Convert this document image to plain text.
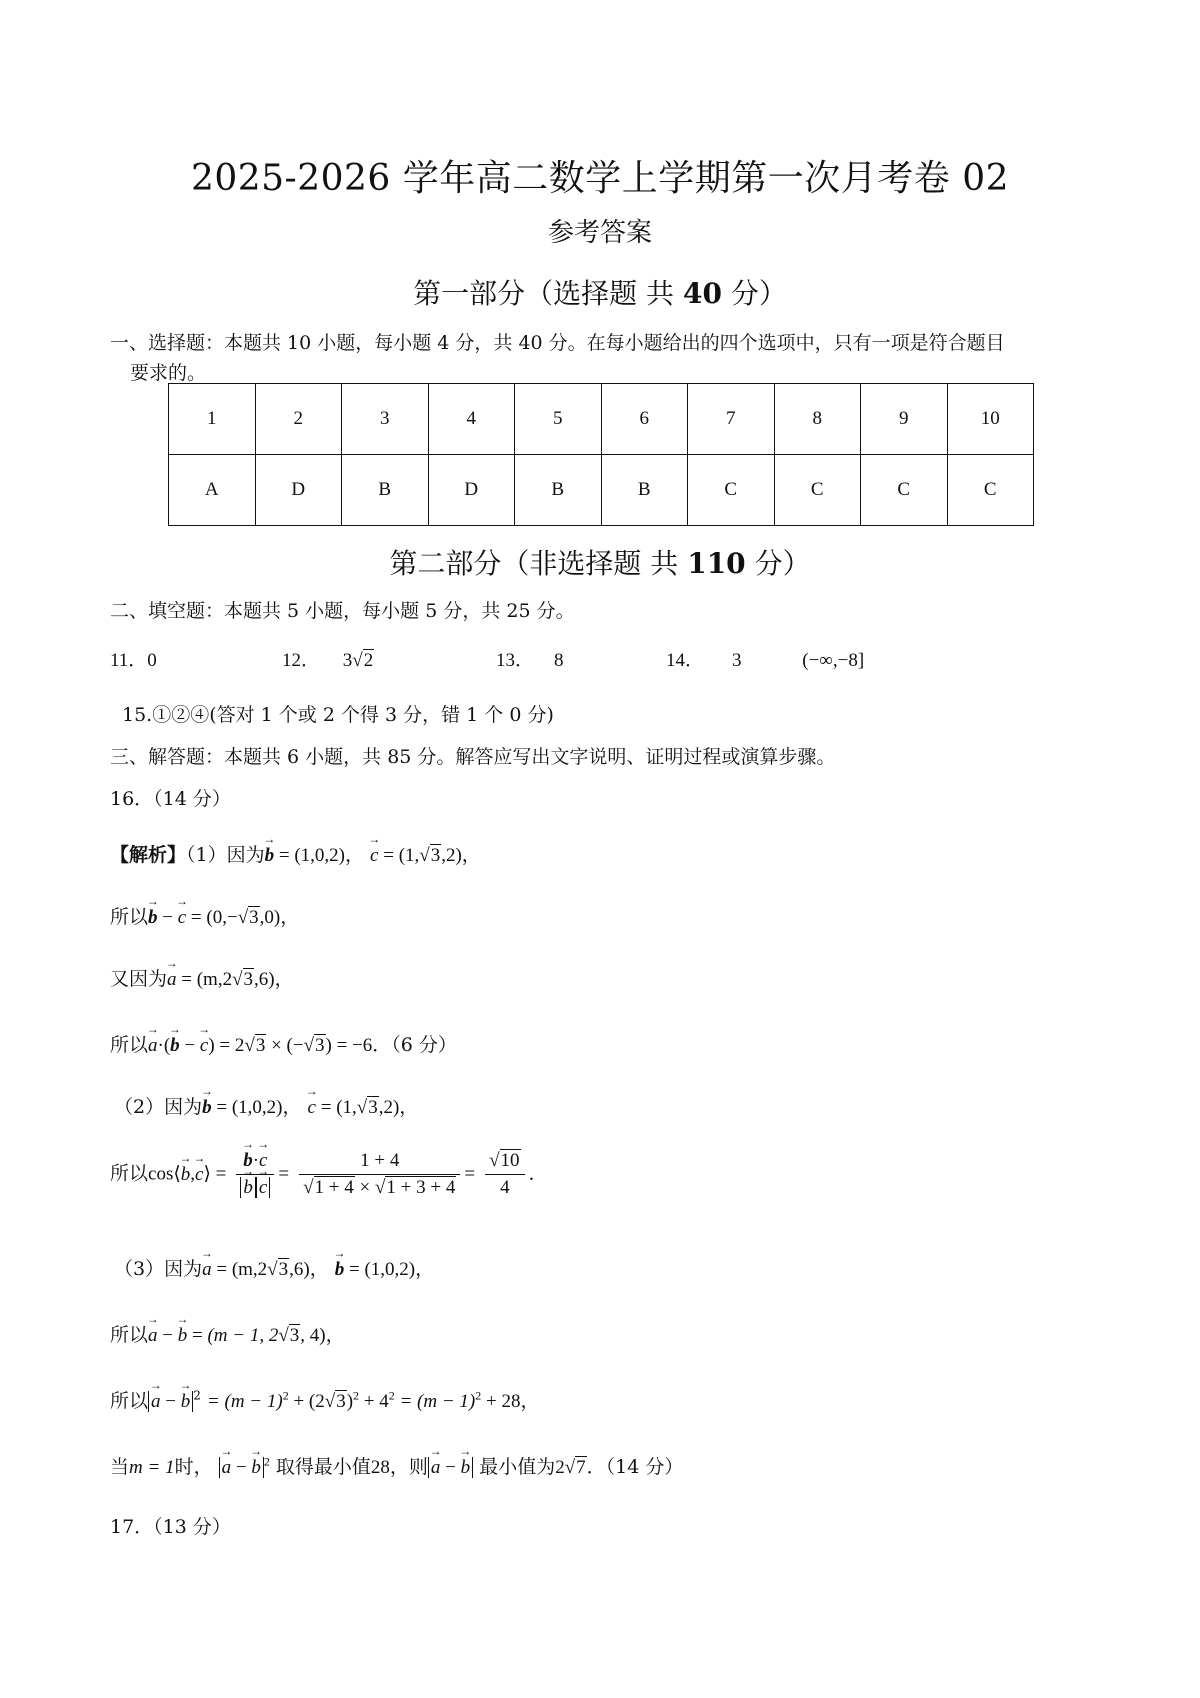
2025-2026 学年高二数学上学期第一次月考卷 02
参考答案
第一部分（选择题 共 40 分）
一、选择题：本题共 10 小题，每小题 4 分，共 40 分。在每小题给出的四个选项中，只有一项是符合题目
要求的。
1	2	3	4	5	6	7	8	9	10
A	D	B	D	B	B	C	C	C	C
第二部分（非选择题 共 110 分）
二、填空题：本题共 5 小题，每小题 5 分，共 25 分。
11．0	12． 3√2	13． 8	14． 3	(−∞,−8]
15.①②④(答对 1 个或 2 个得 3 分，错 1 个 0 分)
三、解答题：本题共 6 小题，共 85 分。解答应写出文字说明、证明过程或演算步骤。
16．（14 分）
【解析】（1）因为→ b = (1,0,2)， → c = (1,√3,2)，
所以→ b − → c = (0,−√3,0)，
又因为→ a = (m,2√3,6)，
所以→ a·(→ b − → c) = 2√3 × (−√3) = −6．（6 分）
（2）因为→ b = (1,0,2)， → c = (1,√3,2)，
所以cos⟨→ b,→ c⟩ = → b·→ c
→ $b \to c = \frac{1 + 4}{√1 + 4 \times √1 + 3 + 4} = \frac{√10}{4}$ ．
（3）因为→ a = (m,2√3,6)， → b = (1,0,2)，
所以→ a − → b = (m − 1, 2√3, 4)，
所以 → a − → b $^2 = (m - 1)^2 + (2√3)^2 + 4^2 = (m - 1)^2 + 28$，
当m = 1时， → a − → b $^2$ 取得最小值28，则 → a − → b 最小值为2√7．（14 分）
17．（13 分）
